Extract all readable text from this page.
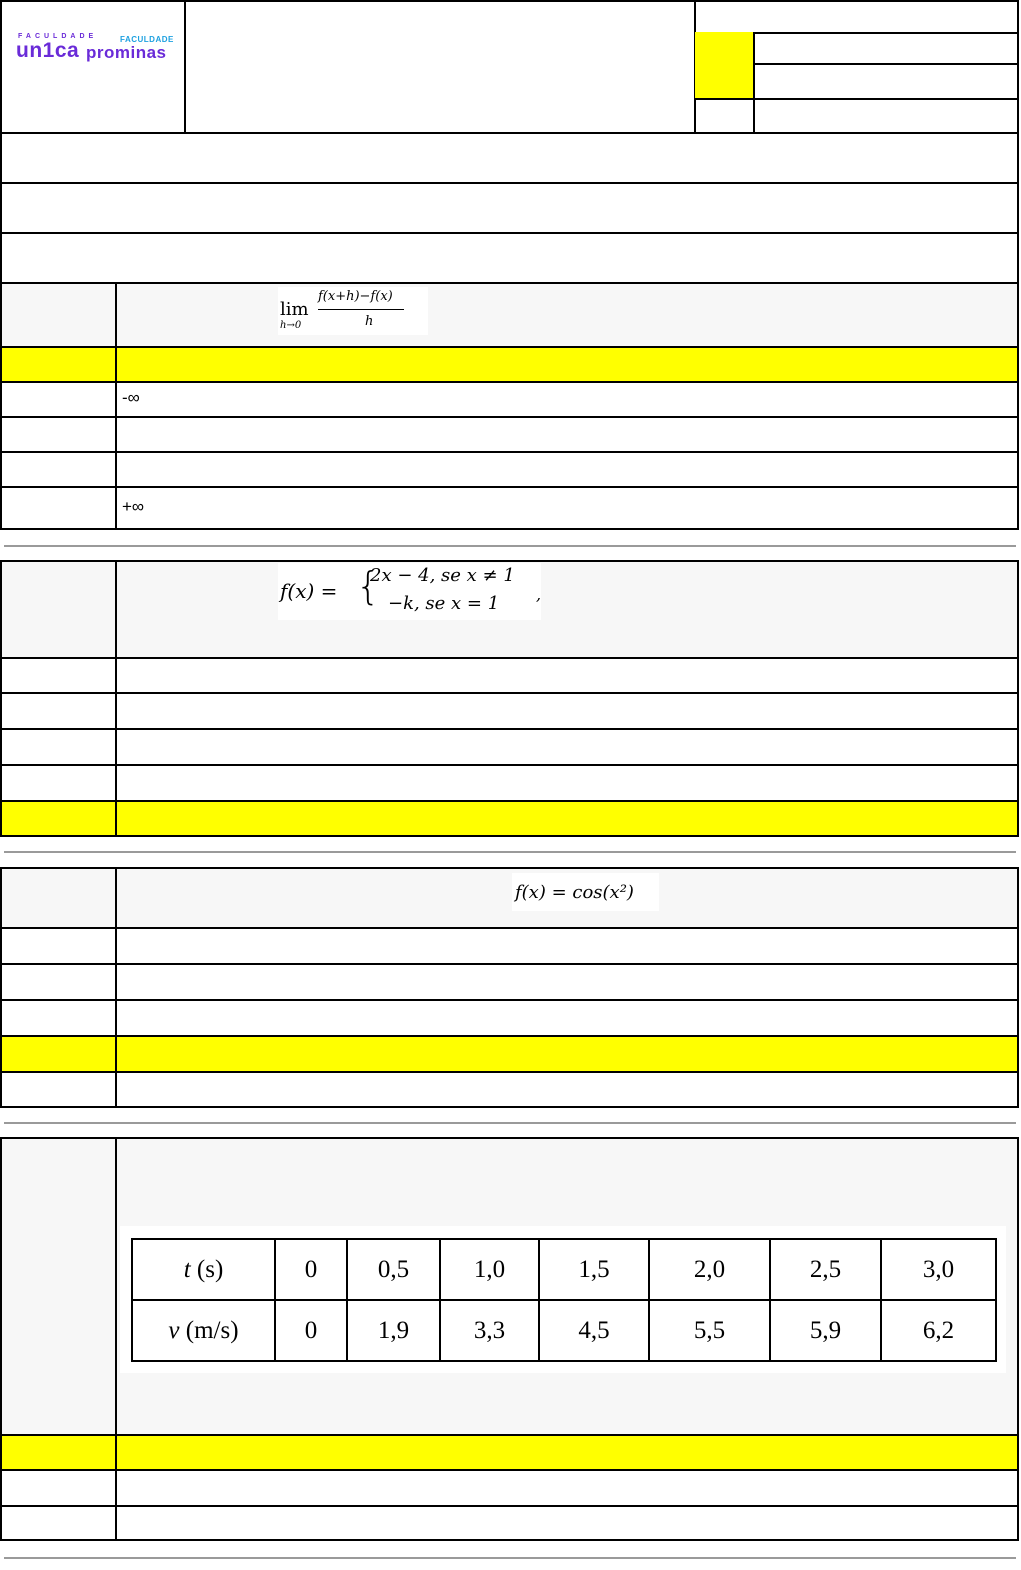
FACULDADE	FACULDADE
un1ca prominas
lim
h→0
f(x+h)−f(x)
h
-∞
+∞
f(x) = {
2x − 4, se x ≠ 1
−k, se x = 1 ,
f(x) = cos(x²)
t (s)	0	0,5	1,0	1,5	2,0	2,5	3,0
v (m/s)	0	1,9	3,3	4,5	5,5	5,9	6,2
